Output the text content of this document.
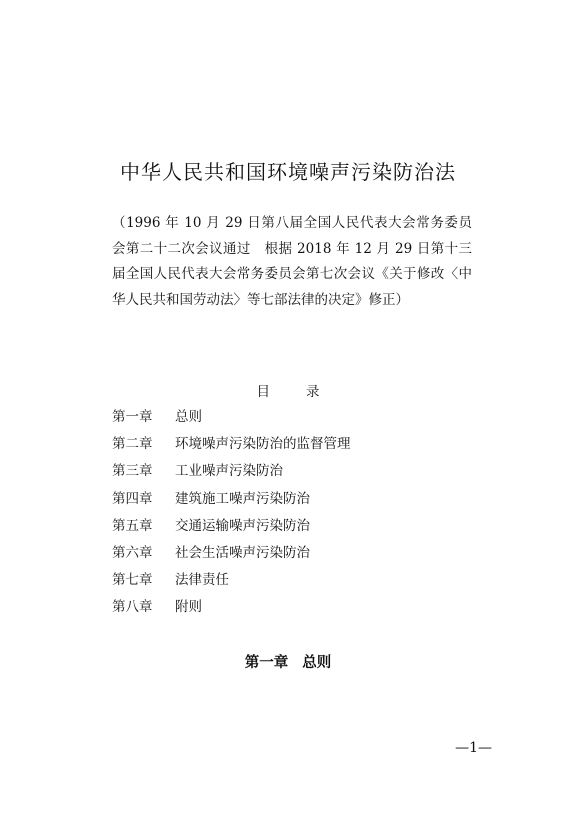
中华人民共和国环境噪声污染防治法
（1996 年 10 月 29 日第八届全国人民代表大会常务委员会第二十二次会议通过　根据 2018 年 12 月 29 日第十三届全国人民代表大会常务委员会第七次会议《关于修改〈中华人民共和国劳动法〉等七部法律的决定》修正）
目	录
第一章 总则
第二章 环境噪声污染防治的监督管理
第三章 工业噪声污染防治
第四章 建筑施工噪声污染防治
第五章 交通运输噪声污染防治
第六章 社会生活噪声污染防治
第七章 法律责任
第八章 附则
第一章 总则
—1—
